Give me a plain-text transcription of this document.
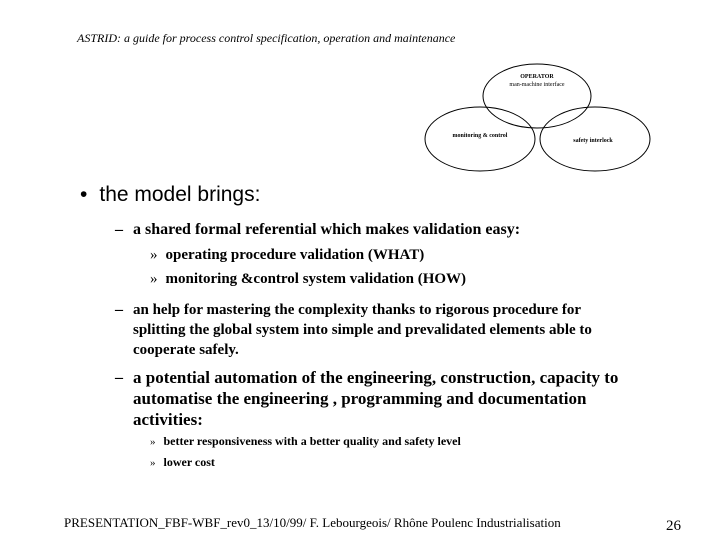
ASTRID: a guide for process control specification, operation and maintenance
OPERATOR
man-machine interface
monitoring & control
safety interlock
• the model brings:
– a shared formal referential which makes validation easy:
» operating procedure validation (WHAT)
» monitoring &control system validation (HOW)
– an help for mastering the complexity thanks to rigorous procedure for splitting the global system into simple and prevalidated elements able to cooperate safely.
– a potential automation of the engineering, construction, capacity to automatise the engineering , programming and documentation activities:
» better responsiveness with a better quality and safety level
» lower cost
PRESENTATION_FBF-WBF_rev0_13/10/99/ F. Lebourgeois/ Rhône Poulenc Industrialisation	26
